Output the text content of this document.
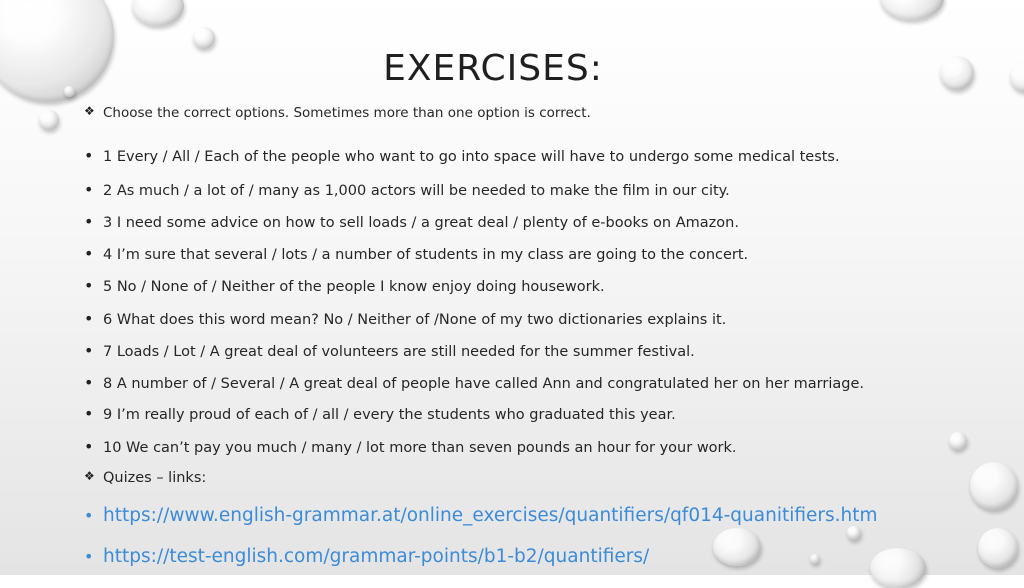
EXERCISES:
❖ Choose the correct options. Sometimes more than one option is correct.
• 1 Every / All / Each of the people who want to go into space will have to undergo some medical tests.
• 2 As much / a lot of / many as 1,000 actors will be needed to make the film in our city.
• 3 I need some advice on how to sell loads / a great deal / plenty of e-books on Amazon.
• 4 I’m sure that several / lots / a number of students in my class are going to the concert.
• 5 No / None of / Neither of the people I know enjoy doing housework.
• 6 What does this word mean? No / Neither of /None of my two dictionaries explains it.
• 7 Loads / Lot / A great deal of volunteers are still needed for the summer festival.
• 8 A number of / Several / A great deal of people have called Ann and congratulated her on her marriage.
• 9 I’m really proud of each of / all / every the students who graduated this year.
• 10 We can’t pay you much / many / lot more than seven pounds an hour for your work.
❖ Quizes – links:
• https://www.english-grammar.at/online_exercises/quantifiers/qf014-quanitifiers.htm
• https://test-english.com/grammar-points/b1-b2/quantifiers/
